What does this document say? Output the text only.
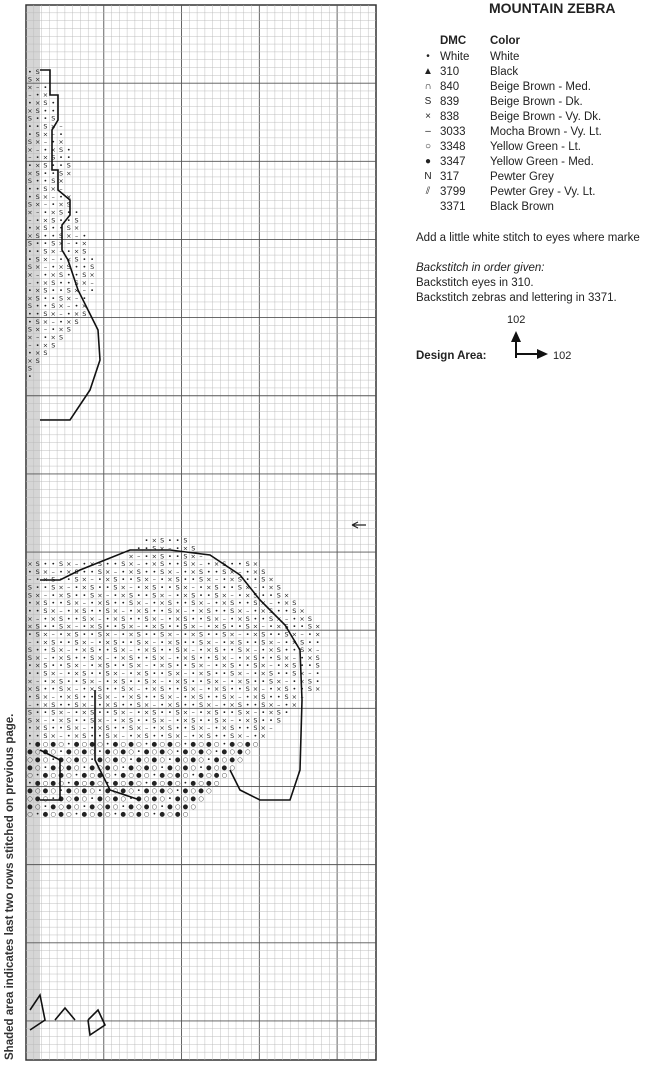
• S
S ×
× – •
– • ×
• × S •
× S • •
S • • S
• • S × –
• S × – •
S × – • ×
× – • × S •
– • × S • •
• × S • • S
× S • • S ×
S • • S ×
• • S × –
• S × – • ×
S × – • × S
× – • × S • •
– • × S • • S
• × S • • S ×
× S • • S × – •
S • • S × – • ×
• • S × – • × S
• S × – • × S • •
S × – • × S • • S
× – • × S • • S ×
– • × S • • S × –
• × S • • S × – •
× S • • S × – •
S • • S × – • ×
• • S × – • × S
• S × – • × S
S × – • × S
× – • × S
– • × S
• × S
× S
S
•
• × S • • S
• • S × – • × S
× – • × S • • S × –
× S • • S × – • × S • • S × – • × S • • S × – • × S • • S ×
• S × – • × S • • S × – • × S • • S × – • × S • • S × – • × S
– • × S • • S × – • × S • • S × – • × S • • S × – • × S • • S ×
S • • S × – • × S • • S × – • × S • • S × – • × S • • S × – • × S
S × – • × S • • S × – • × S • • S × – • × S • • S × – • × S • • S ×
• × S • • S × – • × S • • S × – • × S • • S × – • × S • • S × – • × S
• • S × – • × S • • S × – • × S • • S × – • × S • • S × – • × S • • S ×
× – • × S • • S × – • × S • • S × – • × S • • S × – • × S • • S × – • × S
× S • • S × – • × S • • S × – • × S • • S × – • × S • • S × – • × S • • S ×
• S × – • × S • • S × – • × S • • S × – • × S • • S × – • × S • • S × – • ×
– • × S • • S × – • × S • • S × – • × S • • S × – • × S • • S × – • × S • •
S • • S × – • × S • • S × – • × S • • S × – • × S • • S × – • × S • • S × –
S × – • × S • • S × – • × S • • S × – • × S • • S × – • × S • • S × – • × S
• × S • • S × – • × S • • S × – • × S • • S × – • × S • • S × – • × S • • S
• • S × – • × S • • S × – • × S • • S × – • × S • • S × – • × S • • S × – •
× – • × S • • S × – • × S • • S × – • × S • • S × – • × S • • S × – • × S •
× S • • S × – • × S • • S × – • × S • • S × – • × S • • S × – • × S • • S ×
• S × – • × S • • S × – • × S • • S × – • × S • • S × – • × S • • S × –
– • × S • • S × – • × S • • S × – • × S • • S × – • × S • • S × – • ×
S • • S × – • × S • • S × – • × S • • S × – • × S • • S × – • × S •
S × – • × S • • S × – • × S • • S × – • × S • • S × – • × S • • S
• × S • • S × – • × S • • S × – • × S • • S × – • × S • • S × –
• • S × – • × S • • S × – • × S • • S × – • × S • • S × – • ×
• ● ○ ● ○ • ● ○ ● ○ • ● ○ ● ○ • ● ○ ● ○ • ● ○ ● ○ • ● ○ ● ○
● ○ ● ○ • ● ○ ● ○ • ● ○ ● ○ • ● ○ ● ○ • ● ○ ● ○ • ● ○ ● ○
○ ● ○ • ● ○ ● ○ • ● ○ ● ○ • ● ○ ● ○ • ● ○ ● ○ • ● ○ ● ○
● ○ • ● ○ ● ○ • ● ○ ● ○ • ● ○ ● ○ • ● ○ ● ○ • ● ○ ● ○
○ • ● ○ ● ○ • ● ○ ● ○ • ● ○ ● ○ • ● ○ ● ○ • ● ○ ● ○
• ● ○ ● ○ • ● ○ ● ○ • ● ○ ● ○ • ● ○ ● ○ • ● ○ ● ○
● ○ ● ○ • ● ○ ● ○ • ● ○ ● ○ • ● ○ ● ○ • ● ○ ● ○
○ ● ○ • ● ○ ● ○ • ● ○ ● ○ • ● ○ ● ○ • ● ○ ● ○
● ○ • ● ○ ● ○ • ● ○ ● ○ • ● ○ ● ○ • ● ○ ● ○
○ • ● ○ ● ○ • ● ○ ● ○ • ● ○ ● ○ • ● ○ ● ○
MOUNTAIN ZEBRA
DMC Color
• White White
▲ 310	Black
∩ 840	Beige Brown - Med.
S 839	Beige Brown - Dk.
× 838	Beige Brown - Vy. Dk.
– 3033 Mocha Brown - Vy. Lt.
○ 3348 Yellow Green - Lt.
● 3347 Yellow Green - Med.
N 317	Pewter Grey
⫽ 3799 Pewter Grey - Vy. Lt.
3371 Black Brown
Add a little white stitch to eyes where marke
Backstitch in order given:
Backstitch eyes in 310.
Backstitch zebras and lettering in 3371.
102
Design Area:	102
Shaded area indicates last two rows stitched on previous page.
